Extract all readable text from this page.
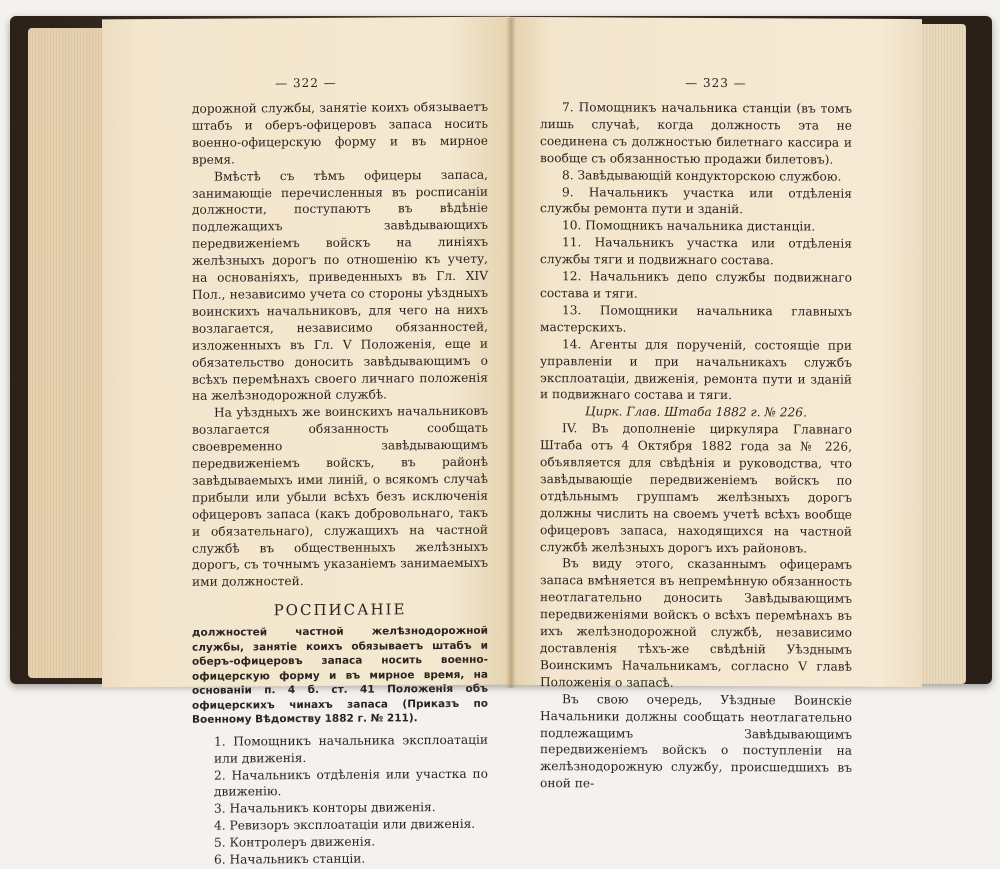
— 322 —

дорожной службы, занятіе коихъ обязываетъ штабъ и оберъ-офицеровъ запаса носить военно-офицерскую форму и въ мирное время.

Вмѣстѣ съ тѣмъ офицеры запаса, занимающіе перечисленныя въ росписаніи должности, поступаютъ въ вѣдѣніе подлежащихъ завѣдывающихъ передвиженіемъ войскъ на линіяхъ желѣзныхъ дорогъ по отношенію къ учету, на основаніяхъ, приведенныхъ въ Гл. XIV Пол., независимо учета со стороны уѣздныхъ воинскихъ начальниковъ, для чего на нихъ возлагается, независимо обязанностей, изложенныхъ въ Гл. V Положенія, еще и обязательство доносить завѣдывающимъ о всѣхъ перемѣнахъ своего личнаго положенія на желѣзнодорожной службѣ.

На уѣздныхъ же воинскихъ начальниковъ возлагается обязанность сообщать своевременно завѣдывающимъ передвиженіемъ войскъ, въ районѣ завѣдываемыхъ ими линій, о всякомъ случаѣ прибыли или убыли всѣхъ безъ исключенія офицеровъ запаса (какъ добровольнаго, такъ и обязательнаго), служащихъ на частной службѣ въ общественныхъ желѣзныхъ дорогъ, съ точнымъ указаніемъ занимаемыхъ ими должностей.

РОСПИСАНІЕ
должностей частной желѣзнодорожной службы, занятіе коихъ обязываетъ штабъ и оберъ-офицеровъ запаса носить военно-офицерскую форму и въ мирное время, на основаніи п. 4 б. ст. 41 Положенія объ офицерскихъ чинахъ запаса (Приказъ по Военному Вѣдомству 1882 г. № 211).
1. Помощникъ начальника эксплоатаціи или движенія.
2. Начальникъ отдѣленія или участка по движенію.
3. Начальникъ конторы движенія.
4. Ревизоръ эксплоатаціи или движенія.
5. Контролеръ движенія.
6. Начальникъ станціи.
— 323 —
7. Помощникъ начальника станціи (въ томъ лишь случаѣ, когда должность эта не соединена съ должностью билетнаго кассира и вообще съ обязанностью продажи билетовъ).
8. Завѣдывающій кондукторскою службою.
9. Начальникъ участка или отдѣленія службы ремонта пути и зданій.
10. Помощникъ начальника дистанціи.
11. Начальникъ участка или отдѣленія службы тяги и подвижнаго состава.
12. Начальникъ депо службы подвижнаго состава и тяги.
13. Помощники начальника главныхъ мастерскихъ.
14. Агенты для порученій, состоящіе при управленіи и при начальникахъ службъ эксплоатаціи, движенія, ремонта пути и зданій и подвижнаго состава и тяги.
Цирк. Глав. Штаба 1882 г. № 226.

IV. Въ дополненіе циркуляра Главнаго Штаба отъ 4 Октября 1882 года за № 226, объявляется для свѣдѣнія и руководства, что завѣдывающіе передвиженіемъ войскъ по отдѣльнымъ группамъ желѣзныхъ дорогъ должны числить на своемъ учетѣ всѣхъ вообще офицеровъ запаса, находящихся на частной службѣ желѣзныхъ дорогъ ихъ районовъ.

Въ виду этого, сказаннымъ офицерамъ запаса вмѣняется въ непремѣнную обязанность неотлагательно доносить Завѣдывающимъ передвиженіями войскъ о всѣхъ перемѣнахъ въ ихъ желѣзнодорожной службѣ, независимо доставленія тѣхъ-же свѣдѣній Уѣзднымъ Воинскимъ Начальникамъ, согласно V главѣ Положенія о запасѣ.

Въ свою очередь, Уѣздные Воинскіе Начальники должны сообщать неотлагательно подлежащимъ Завѣдывающимъ передвиженіемъ войскъ о поступленіи на желѣзнодорожную службу, происшедшихъ въ оной пе-
